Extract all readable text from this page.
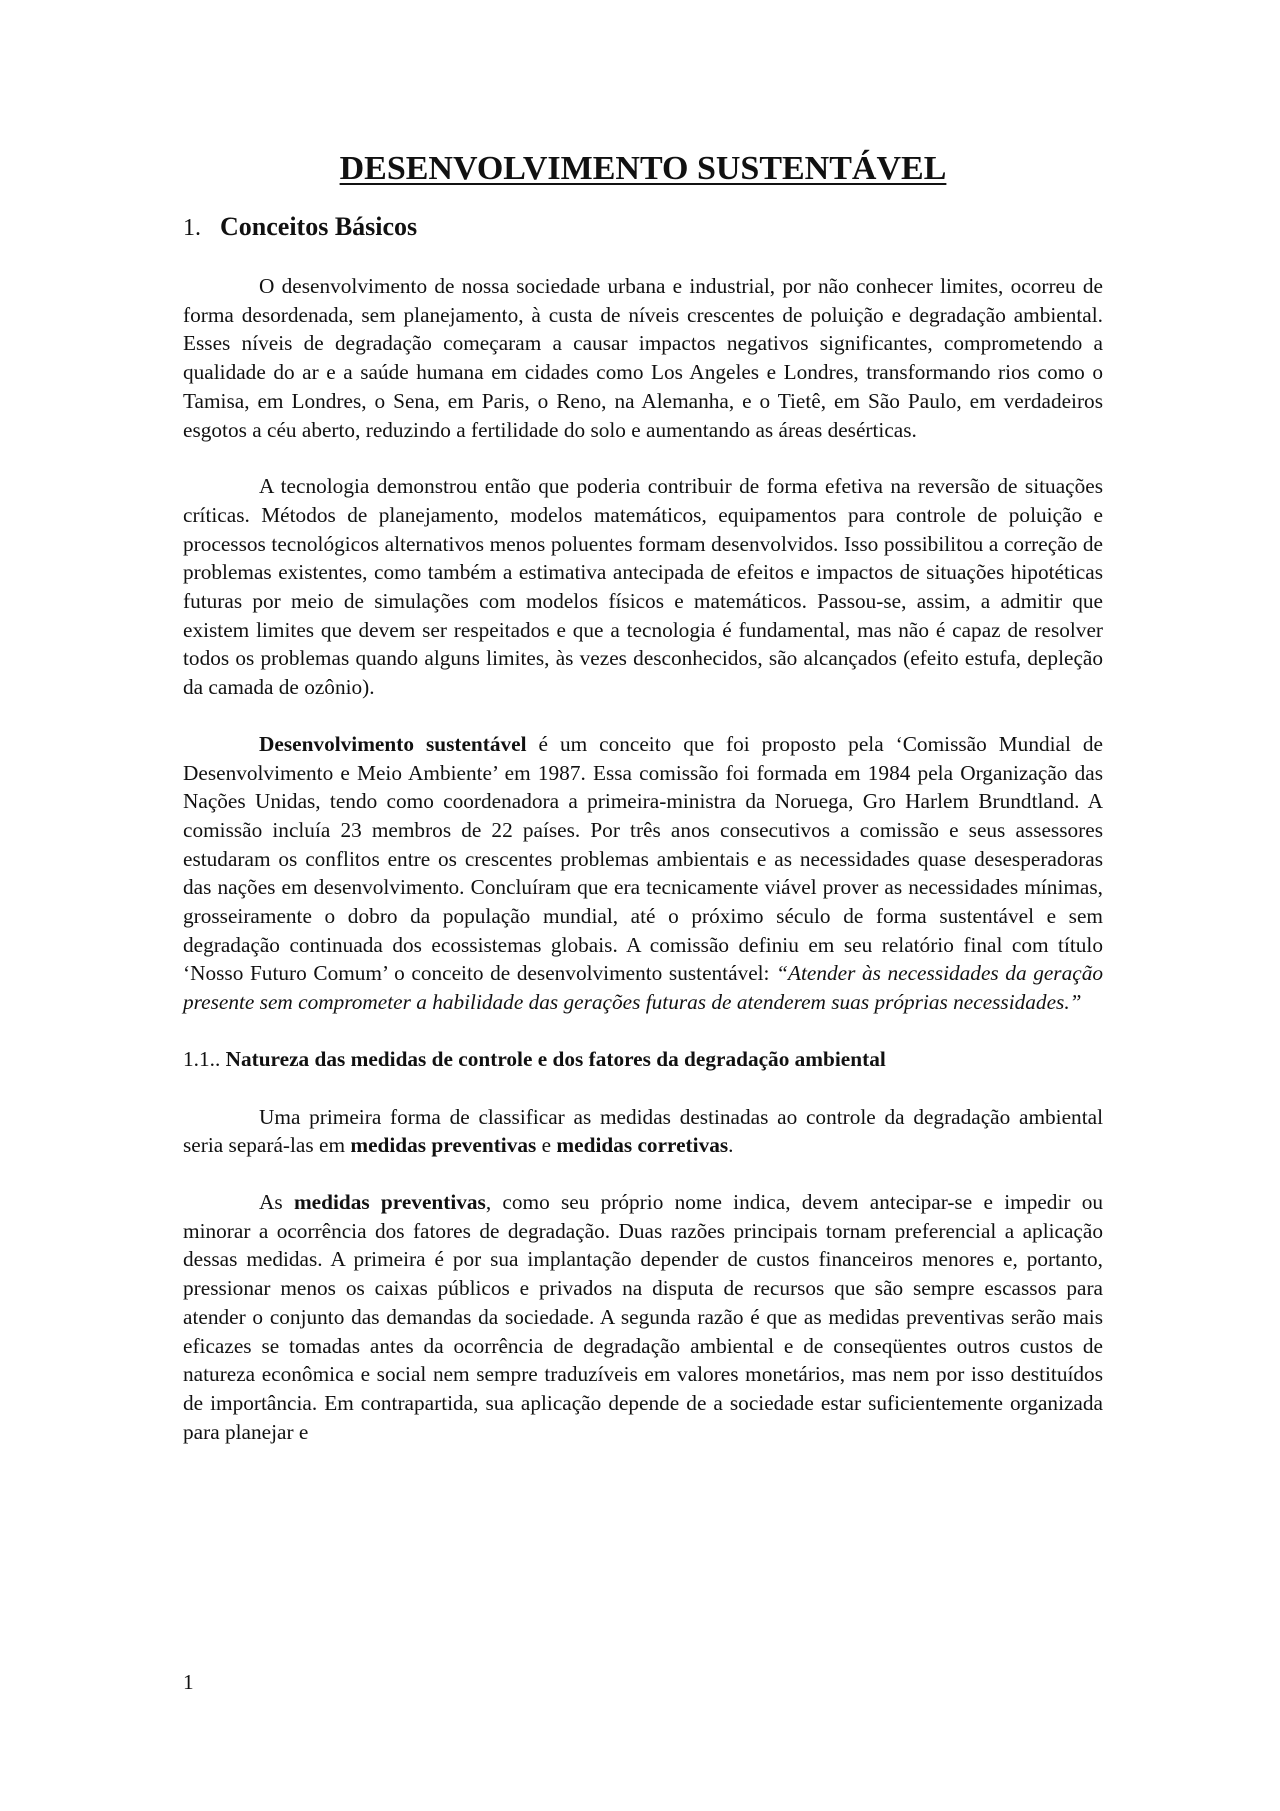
DESENVOLVIMENTO SUSTENTÁVEL
1. Conceitos Básicos

O desenvolvimento de nossa sociedade urbana e industrial, por não conhecer limites, ocorreu de forma desordenada, sem planejamento, à custa de níveis crescentes de poluição e degradação ambiental. Esses níveis de degradação começaram a causar impactos negativos significantes, comprometendo a qualidade do ar e a saúde humana em cidades como Los Angeles e Londres, transformando rios como o Tamisa, em Londres, o Sena, em Paris, o Reno, na Alemanha, e o Tietê, em São Paulo, em verdadeiros esgotos a céu aberto, reduzindo a fertilidade do solo e aumentando as áreas desérticas.

A tecnologia demonstrou então que poderia contribuir de forma efetiva na reversão de situações críticas. Métodos de planejamento, modelos matemáticos, equipamentos para controle de poluição e processos tecnológicos alternativos menos poluentes formam desenvolvidos. Isso possibilitou a correção de problemas existentes, como também a estimativa antecipada de efeitos e impactos de situações hipotéticas futuras por meio de simulações com modelos físicos e matemáticos. Passou-se, assim, a admitir que existem limites que devem ser respeitados e que a tecnologia é fundamental, mas não é capaz de resolver todos os problemas quando alguns limites, às vezes desconhecidos, são alcançados (efeito estufa, depleção da camada de ozônio).

Desenvolvimento sustentável é um conceito que foi proposto pela ‘Comissão Mundial de Desenvolvimento e Meio Ambiente’ em 1987. Essa comissão foi formada em 1984 pela Organização das Nações Unidas, tendo como coordenadora a primeira-ministra da Noruega, Gro Harlem Brundtland. A comissão incluía 23 membros de 22 países. Por três anos consecutivos a comissão e seus assessores estudaram os conflitos entre os crescentes problemas ambientais e as necessidades quase desesperadoras das nações em desenvolvimento. Concluíram que era tecnicamente viável prover as necessidades mínimas, grosseiramente o dobro da população mundial, até o próximo século de forma sustentável e sem degradação continuada dos ecossistemas globais. A comissão definiu em seu relatório final com título ‘Nosso Futuro Comum’ o conceito de desenvolvimento sustentável: “Atender às necessidades da geração presente sem comprometer a habilidade das gerações futuras de atenderem suas próprias necessidades.”

1.1.. Natureza das medidas de controle e dos fatores da degradação ambiental

Uma primeira forma de classificar as medidas destinadas ao controle da degradação ambiental seria separá-las em medidas preventivas e medidas corretivas.

As medidas preventivas, como seu próprio nome indica, devem antecipar-se e impedir ou minorar a ocorrência dos fatores de degradação. Duas razões principais tornam preferencial a aplicação dessas medidas. A primeira é por sua implantação depender de custos financeiros menores e, portanto, pressionar menos os caixas públicos e privados na disputa de recursos que são sempre escassos para atender o conjunto das demandas da sociedade. A segunda razão é que as medidas preventivas serão mais eficazes se tomadas antes da ocorrência de degradação ambiental e de conseqüentes outros custos de natureza econômica e social nem sempre traduzíveis em valores monetários, mas nem por isso destituídos de importância. Em contrapartida, sua aplicação depende de a sociedade estar suficientemente organizada para planejar e

1
